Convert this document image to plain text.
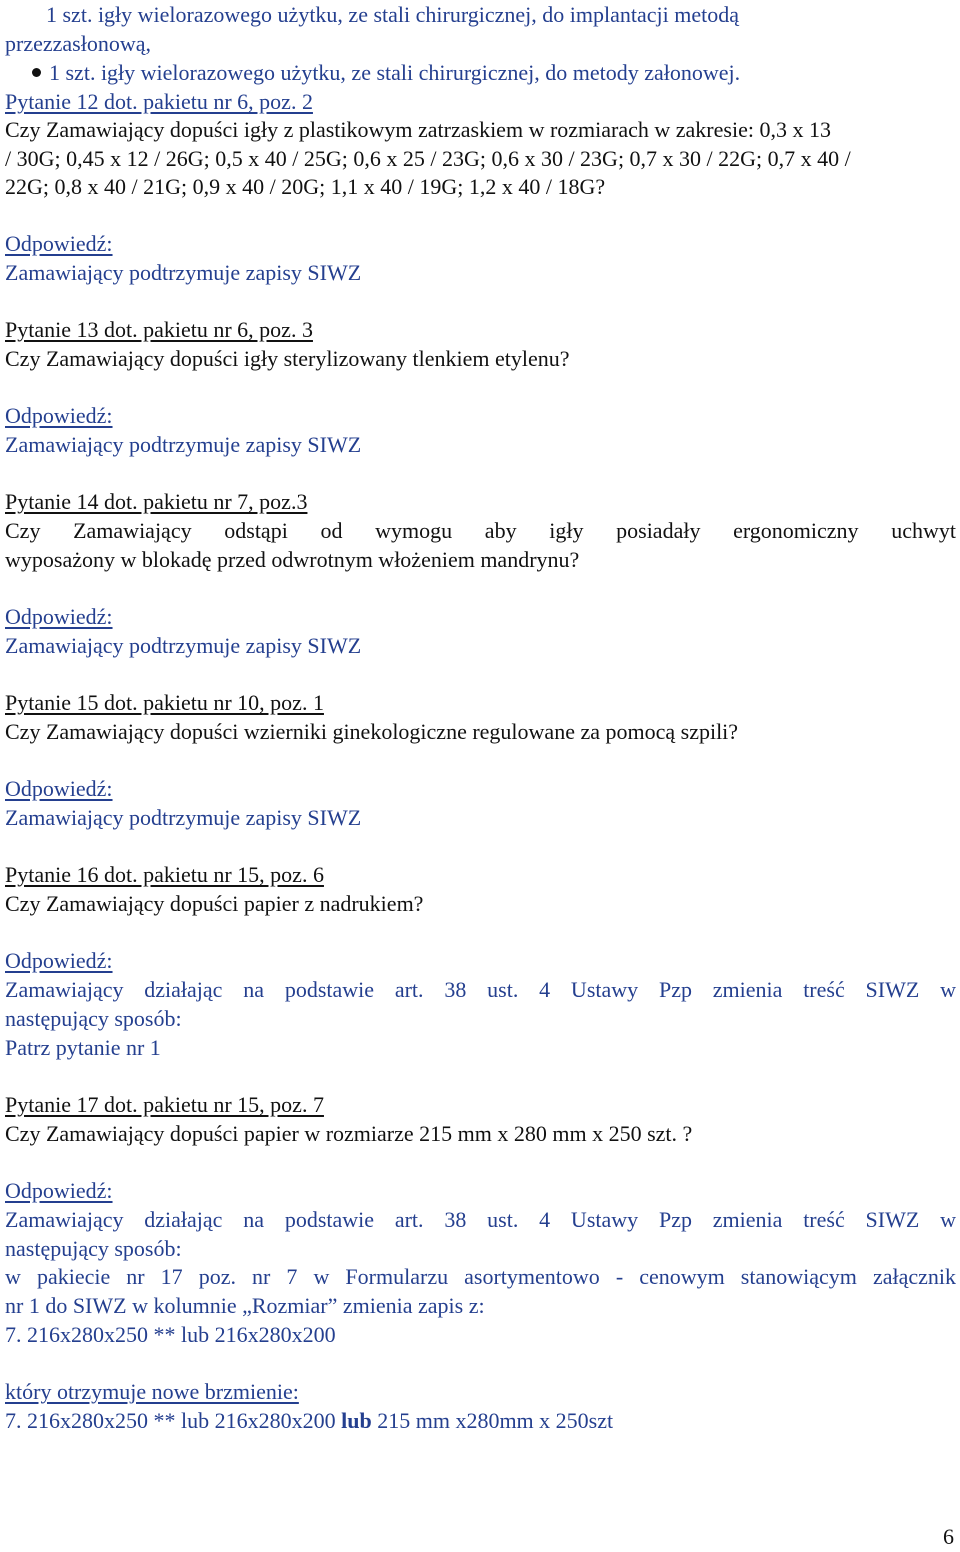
1 szt. igły wielorazowego użytku, ze stali chirurgicznej, do implantacji metodą
przezzasłonową,
1 szt. igły wielorazowego użytku, ze stali chirurgicznej, do metody załonowej.
Pytanie 12 dot. pakietu nr 6, poz. 2
Czy Zamawiający dopuści igły z plastikowym zatrzaskiem w rozmiarach w zakresie: 0,3 x 13
/ 30G; 0,45 x 12 / 26G; 0,5 x 40 / 25G; 0,6 x 25 / 23G; 0,6 x 30 / 23G; 0,7 x 30 / 22G; 0,7 x 40 /
22G; 0,8 x 40 / 21G; 0,9 x 40 / 20G; 1,1 x 40 / 19G; 1,2 x 40 / 18G?
Odpowiedź:
Zamawiający podtrzymuje zapisy SIWZ
Pytanie 13 dot. pakietu nr 6, poz. 3
Czy Zamawiający dopuści igły sterylizowany tlenkiem etylenu?
Odpowiedź:
Zamawiający podtrzymuje zapisy SIWZ
Pytanie 14 dot. pakietu nr 7, poz.3
Czy Zamawiający odstąpi od wymogu aby igły posiadały ergonomiczny uchwyt
wyposażony w blokadę przed odwrotnym włożeniem mandrynu?
Odpowiedź:
Zamawiający podtrzymuje zapisy SIWZ
Pytanie 15 dot. pakietu nr 10, poz. 1
Czy Zamawiający dopuści wzierniki ginekologiczne regulowane za pomocą szpili?
Odpowiedź:
Zamawiający podtrzymuje zapisy SIWZ
Pytanie 16 dot. pakietu nr 15, poz. 6
Czy Zamawiający dopuści papier z nadrukiem?
Odpowiedź:
Zamawiający działając na podstawie art. 38 ust. 4 Ustawy Pzp zmienia treść SIWZ w
następujący sposób:
Patrz pytanie nr 1
Pytanie 17 dot. pakietu nr 15, poz. 7
Czy Zamawiający dopuści papier w rozmiarze 215 mm x 280 mm x 250 szt. ?
Odpowiedź:
Zamawiający działając na podstawie art. 38 ust. 4 Ustawy Pzp zmienia treść SIWZ w
następujący sposób:
w pakiecie nr 17 poz. nr 7 w Formularzu asortymentowo - cenowym stanowiącym załącznik
nr 1 do SIWZ w kolumnie „Rozmiar” zmienia zapis z:
7. 216x280x250 ** lub 216x280x200
który otrzymuje nowe brzmienie:
7. 216x280x250 ** lub 216x280x200 lub 215 mm x280mm x 250szt
6
